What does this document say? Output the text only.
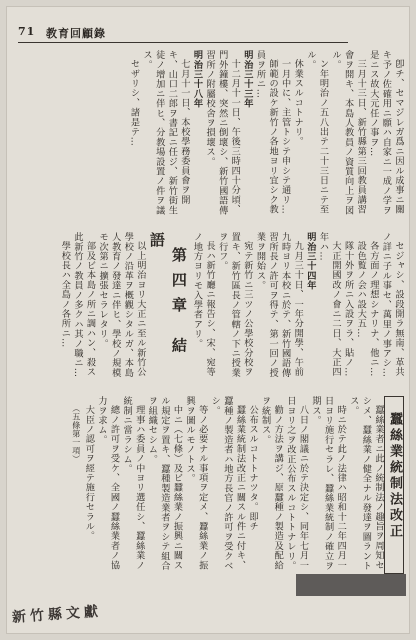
71 教育回顧錄

卽チ、セマジレガ爲ニ因ル成事ニ關キ予ノ佐確用ニ願ハ自家ニ一成ノ学ヲ是ニス故大元任ノ事ヲ…

三月十三日、新竹縣第三回教員講習會ヲ開キ、本島人教員ノ資質向上ヲ図ル。

ン年明治ノ五八出テ二十三日ニテ至ル。

休業スルコトナリ。

一月中に、主管トシテ申シテ通リ…

師範の設ケ新竹ノ各地ヨリ宜シク教員ヲ所ニ…

明治三十三年

十二月十一日、午後三時四十分頃、門外鐘樓、突然ニ倒壞シ、新竹國語傳習所ノ附屬校舍ヲ損壞ス。

明治三十八年

七月十一日、本校學務委員會ヲ開キ、山口二郎ヲ書記ニ任ジ、新竹街生徒ノ增加ニ伴ヒ、分教場設置ノ件ヲ議ス。

セザリシ、諸是テ…

セジャシ、設段開ラ無南、革共ノ詳ニ子ル事セ、萬里ノ事アシ…

各方面ノ理想シナリナ、他ニ…

設色覧ノ会ハ設大五…

隊十外ヲ所ニ入設ヲラ、貼ノ…

大正開國改ノ會ニ二日、大正四年ハ…

明治三十四年

九月三十日、一年分開學、午前九時ヨリ本校ニ於テ、新竹國語傳習所長ノ許可ヲ得テ、第一回ノ授業ヲ開始ス。

宛テ新竹ニ三ツノ公學校分校ヲ置キ、新竹區長ノ管轄ノ下ニ授業ヲ行フ。

長ハ新竹廳ニ報告シ、宋、宛等ノ地方ヨリモ入學者アリ。

第四章 結語

以上明治ヨリ大正ニ至ル新竹公學校ノ沿革ヲ概觀シタルガ、本島人教育ノ發達ニ伴ヒ、學校ノ規模モ次第ニ擴張セラレタリ。

部及ビ本島ノ所ニ調ハン、殺ス此新竹ノ教員ノ多クハ其ノ職ニ…

學校長ハ全島ノ各所ニ…

蠶絲業統制法改正

蠶絲業者ニ此ノ統制法ノ趣旨ヲ周知セシメ、蠶絲業ノ健全ナル發達ヲ圖ラントス。

時ニ於テ此ノ法律ハ昭和十二年四月一日ヨリ施行セラレ、蠶絲業統制ノ確立ヲ期ス。

八日ノ閣議ニ於テ決定シ、同年七月一日ヨリ之ヲ改正公布スルコトトナレリ。

勸ノ方法ヲ講ジ、原蠶種ノ製造及配給ヲ統制ス。

公布スルコトトナツタ。即チ

蠶絲業統制法改正ニ關スル件ニ付キ、蠶種ノ製造者ハ地方長官ノ許可ヲ受クベシ。

等ノ必要ナル事項ヲ定メ、蠶絲業ノ振興ヲ圖ルモノトス。

中ニ（七條）及ビ蠶絲業ノ振興ニ關スル規定ヲ置キ、蠶種製造業者ヲシテ組合ヲ組織セシム。

理事ハ委員ノ中ヨリ選任シ、蠶絲業ノ統制ニ當ラシム。

總ノ許可ヲ受ケ、全國ノ蠶絲業者ノ協力ヲ求ム。

大臣ノ認可ヲ經テ施行セラル。

（五條第一項）

新竹縣文獻
